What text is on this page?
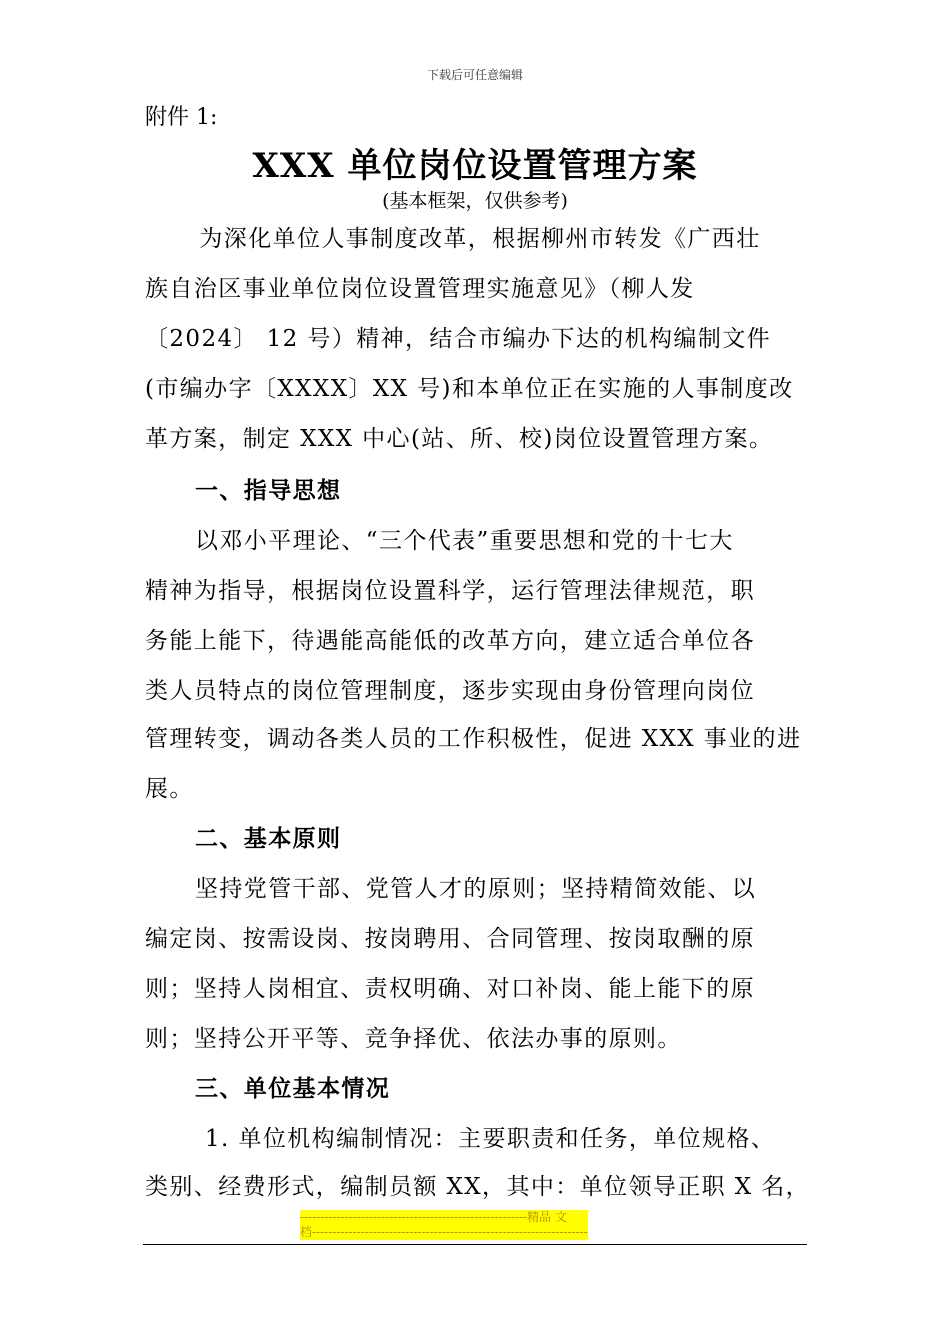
下载后可任意编辑
附件 1:
XXX 单位岗位设置管理方案
(基本框架，仅供参考)
　为深化单位人事制度改革，根据柳州市转发《广西壮
族自治区事业单位岗位设置管理实施意见》（柳人发
〔2024〕 12 号）精神，结合市编办下达的机构编制文件
(市编办字〔XXXX〕XX 号)和本单位正在实施的人事制度改
革方案，制定 XXX 中心(站、所、校)岗位设置管理方案。
一、指导思想
以邓小平理论、“三个代表”重要思想和党的十七大
精神为指导，根据岗位设置科学，运行管理法律规范，职
务能上能下，待遇能高能低的改革方向，建立适合单位各
类人员特点的岗位管理制度，逐步实现由身份管理向岗位
管理转变，调动各类人员的工作积极性，促进 XXX 事业的进
展。
二、基本原则
坚持党管干部、党管人才的原则；坚持精简效能、以
编定岗、按需设岗、按岗聘用、合同管理、按岗取酬的原
则；坚持人岗相宜、责权明确、对口补岗、能上能下的原
则；坚持公开平等、竞争择优、依法办事的原则。
三、单位基本情况
1. 单位机构编制情况：主要职责和任务，单位规格、
类别、经费形式，编制员额 XX，其中：单位领导正职 X 名，
--------------------------------------------------------精品 文
档--------------------------------------------------------------------
